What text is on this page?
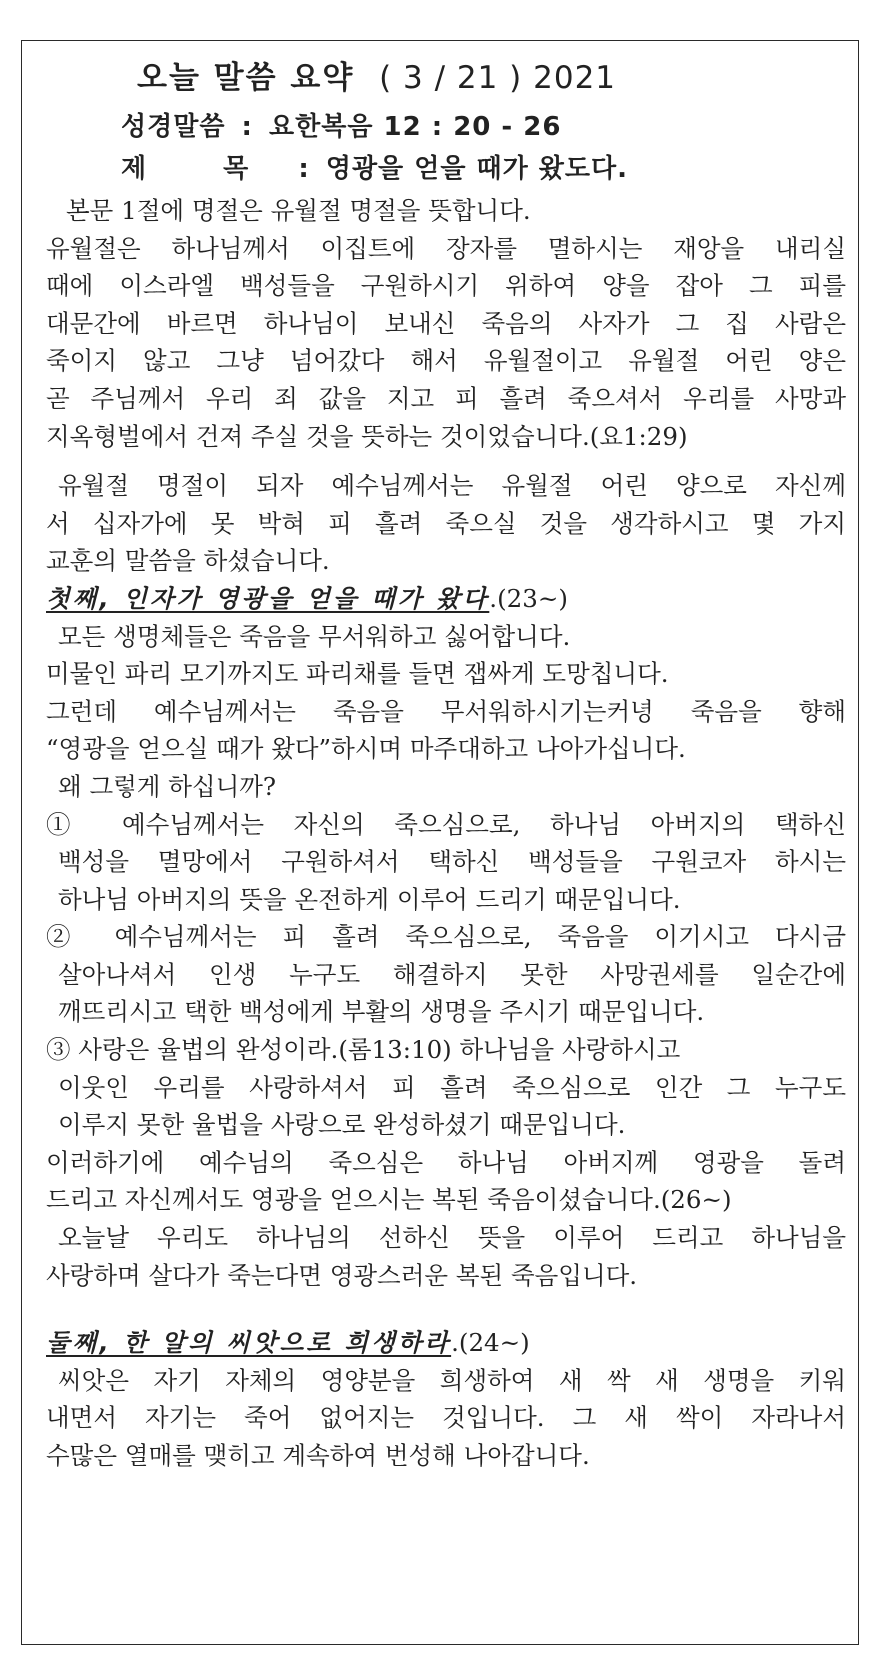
오늘 말씀 요약 ( 3 / 21 ) 2021
성경말씀 : 요한복음 12 : 20 - 26
제 목 : 영광을 얻을 때가 왔도다.
본문 1절에 명절은 유월절 명절을 뜻합니다.
유월절은 하나님께서 이집트에 장자를 멸하시는 재앙을 내리실
때에 이스라엘 백성들을 구원하시기 위하여 양을 잡아 그 피를
대문간에 바르면 하나님이 보내신 죽음의 사자가 그 집 사람은
죽이지 않고 그냥 넘어갔다 해서 유월절이고 유월절 어린 양은
곧 주님께서 우리 죄 값을 지고 피 흘려 죽으셔서 우리를 사망과
지옥형벌에서 건져 주실 것을 뜻하는 것이었습니다.(요1:29)
유월절 명절이 되자 예수님께서는 유월절 어린 양으로 자신께
서 십자가에 못 박혀 피 흘려 죽으실 것을 생각하시고 몇 가지
교훈의 말씀을 하셨습니다.
첫째, 인자가 영광을 얻을 때가 왔다.(23~)
모든 생명체들은 죽음을 무서워하고 싫어합니다.
미물인 파리 모기까지도 파리채를 들면 잽싸게 도망칩니다.
그런데 예수님께서는 죽음을 무서워하시기는커녕 죽음을 향해
“영광을 얻으실 때가 왔다”하시며 마주대하고 나아가십니다.
왜 그렇게 하십니까?
① 예수님께서는 자신의 죽으심으로, 하나님 아버지의 택하신
백성을 멸망에서 구원하셔서 택하신 백성들을 구원코자 하시는
하나님 아버지의 뜻을 온전하게 이루어 드리기 때문입니다.
② 예수님께서는 피 흘려 죽으심으로, 죽음을 이기시고 다시금
살아나셔서 인생 누구도 해결하지 못한 사망권세를 일순간에
깨뜨리시고 택한 백성에게 부활의 생명을 주시기 때문입니다.
③ 사랑은 율법의 완성이라.(롬13:10) 하나님을 사랑하시고
이웃인 우리를 사랑하셔서 피 흘려 죽으심으로 인간 그 누구도
이루지 못한 율법을 사랑으로 완성하셨기 때문입니다.
이러하기에 예수님의 죽으심은 하나님 아버지께 영광을 돌려
드리고 자신께서도 영광을 얻으시는 복된 죽음이셨습니다.(26~)
오늘날 우리도 하나님의 선하신 뜻을 이루어 드리고 하나님을
사랑하며 살다가 죽는다면 영광스러운 복된 죽음입니다.
둘째, 한 알의 씨앗으로 희생하라.(24~)
씨앗은 자기 자체의 영양분을 희생하여 새 싹 새 생명을 키워
내면서 자기는 죽어 없어지는 것입니다. 그 새 싹이 자라나서
수많은 열매를 맺히고 계속하여 번성해 나아갑니다.
